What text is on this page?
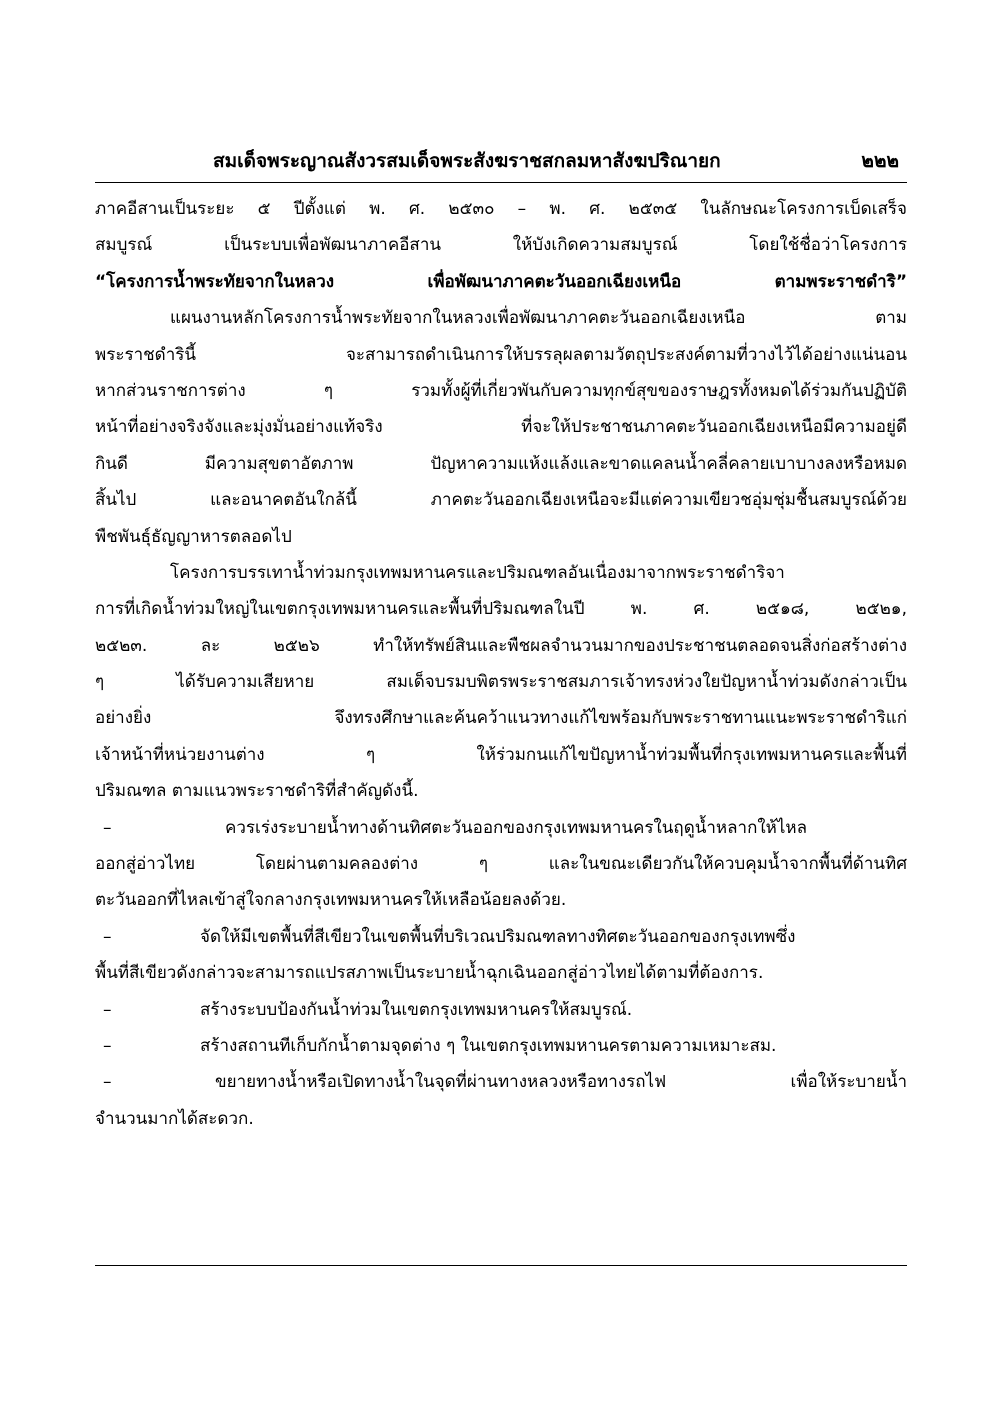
สมเด็จพระญาณสังวรสมเด็จพระสังฆราชสกลมหาสังฆปริณายก	๒๒๒
ภาคอีสานเป็นระยะ ๕ ปีตั้งแต่ พ. ศ. ๒๕๓๐ – พ. ศ. ๒๕๓๕ ในลักษณะโครงการเบ็ดเสร็จ
สมบูรณ์ เป็นระบบเพื่อพัฒนาภาคอีสาน ให้บังเกิดความสมบูรณ์ โดยใช้ชื่อว่าโครงการ
“โครงการน้ำพระทัยจากในหลวง เพื่อพัฒนาภาคตะวันออกเฉียงเหนือ ตามพระราชดำริ”
แผนงานหลักโครงการน้ำพระทัยจากในหลวงเพื่อพัฒนาภาคตะวันออกเฉียงเหนือ ตาม
พระราชดำรินี้ จะสามารถดำเนินการให้บรรลุผลตามวัตถุประสงค์ตามที่วางไว้ได้อย่างแน่นอน
หากส่วนราชการต่าง ๆ รวมทั้งผู้ที่เกี่ยวพันกับความทุกข์สุขของราษฎรทั้งหมดได้ร่วมกันปฏิบัติ
หน้าที่อย่างจริงจังและมุ่งมั่นอย่างแท้จริง ที่จะให้ประชาชนภาคตะวันออกเฉียงเหนือมีความอยู่ดี
กินดี มีความสุขตาอัตภาพ ปัญหาความแห้งแล้งและขาดแคลนน้ำคลี่คลายเบาบางลงหรือหมด
สิ้นไป และอนาคตอันใกล้นี้ ภาคตะวันออกเฉียงเหนือจะมีแต่ความเขียวชอุ่มชุ่มชื้นสมบูรณ์ด้วย
พืชพันธุ์ธัญญาหารตลอดไป
โครงการบรรเทาน้ำท่วมกรุงเทพมหานครและปริมณฑลอันเนื่องมาจากพระราชดำริจา
การที่เกิดน้ำท่วมใหญ่ในเขตกรุงเทพมหานครและพื้นที่ปริมณฑลในปี พ. ศ. ๒๕๑๘, ๒๕๒๑,
๒๕๒๓. ละ ๒๕๒๖ ทำให้ทรัพย์สินและพืชผลจำนวนมากของประชาชนตลอดจนสิ่งก่อสร้างต่าง
ๆ ได้รับความเสียหาย สมเด็จบรมบพิตรพระราชสมภารเจ้าทรงห่วงใยปัญหาน้ำท่วมดังกล่าวเป็น
อย่างยิ่ง จึงทรงศึกษาและค้นคว้าแนวทางแก้ไขพร้อมกับพระราชทานแนะพระราชดำริแก่
เจ้าหน้าที่หน่วยงานต่าง ๆ ให้ร่วมกนแก้ไขปัญหาน้ำท่วมพื้นที่กรุงเทพมหานครและพื้นที่
ปริมณฑล ตามแนวพระราชดำริที่สำคัญดังนี้.
–	ควรเร่งระบายน้ำทางด้านทิศตะวันออกของกรุงเทพมหานครในฤดูน้ำหลากให้ไหล
ออกสู่อ่าวไทย โดยผ่านตามคลองต่าง ๆ และในขณะเดียวกันให้ควบคุมน้ำจากพื้นที่ด้านทิศ
ตะวันออกที่ไหลเข้าสู่ใจกลางกรุงเทพมหานครให้เหลือน้อยลงด้วย.
–	จัดให้มีเขตพื้นที่สีเขียวในเขตพื้นที่บริเวณปริมณฑลทางทิศตะวันออกของกรุงเทพซึ่ง
พื้นที่สีเขียวดังกล่าวจะสามารถแปรสภาพเป็นระบายน้ำฉุกเฉินออกสู่อ่าวไทยได้ตามที่ต้องการ.
–	สร้างระบบป้องกันน้ำท่วมในเขตกรุงเทพมหานครให้สมบูรณ์.
–	สร้างสถานทีเก็บกักน้ำตามจุดต่าง ๆ ในเขตกรุงเทพมหานครตามความเหมาะสม.
–	ขยายทางน้ำหรือเปิดทางน้ำในจุดที่ผ่านทางหลวงหรือทางรถไฟ เพื่อให้ระบายน้ำ
จำนวนมากได้สะดวก.
